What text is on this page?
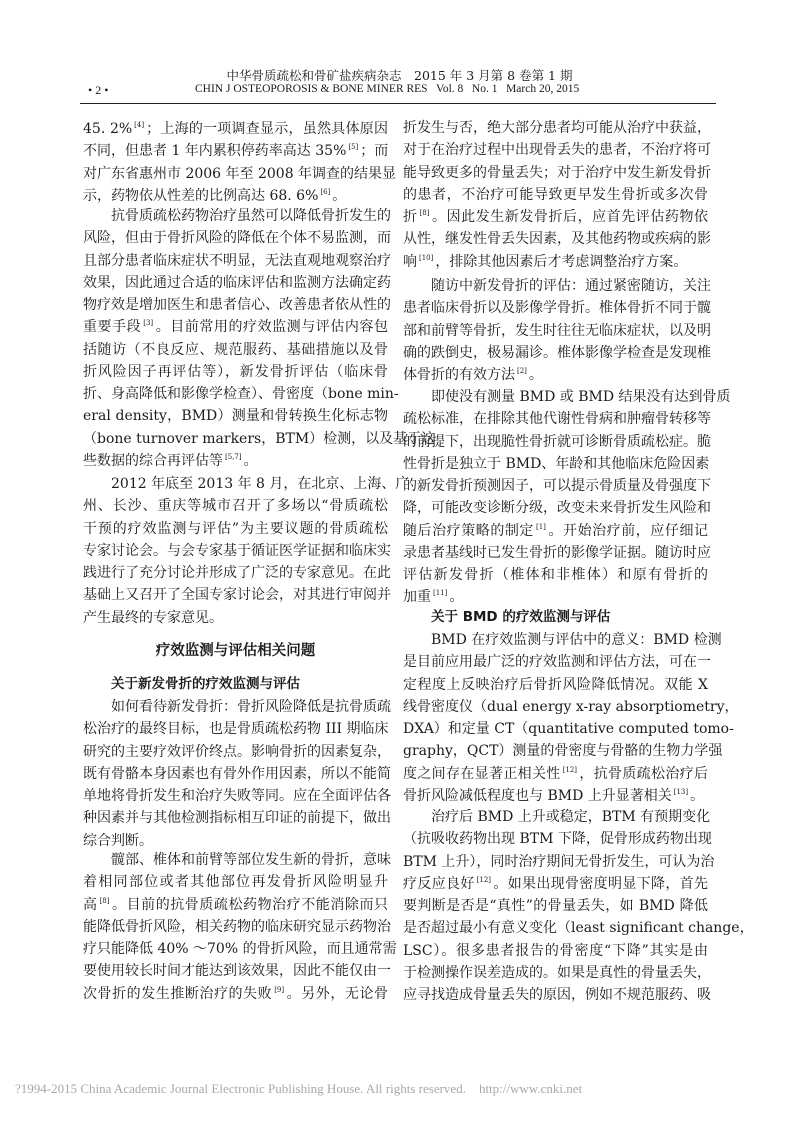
• 2 •
中华骨质疏松和骨矿盐疾病杂志　2015 年 3 月第 8 卷第 1 期
CHIN J OSTEOPOROSIS & BONE MINER RES   Vol. 8   No. 1   March 20, 2015
45. 2% [4] ；上海的一项调查显示，虽然具体原因
不同，但患者 1 年内累积停药率高达 35% [5] ；而
对广东省惠州市 2006 年至 2008 年调查的结果显
示，药物依从性差的比例高达 68. 6% [6] 。
抗骨质疏松药物治疗虽然可以降低骨折发生的
风险，但由于骨折风险的降低在个体不易监测，而
且部分患者临床症状不明显，无法直观地观察治疗
效果，因此通过合适的临床评估和监测方法确定药
物疗效是增加医生和患者信心、改善患者依从性的
重要手段 [3] 。目前常用的疗效监测与评估内容包
括随访（不良反应、规范服药、基础措施以及骨
折风险因子再评估等），新发骨折评估（临床骨
折、身高降低和影像学检查）、骨密度（bone min-
eral density，BMD）测量和骨转换生化标志物
（bone turnover markers，BTM）检测，以及基于这
些数据的综合再评估等 [5,7] 。
2012 年底至 2013 年 8 月，在北京、上海、广
州、长沙、重庆等城市召开了多场以“骨质疏松
干预的疗效监测与评估”为主要议题的骨质疏松
专家讨论会。与会专家基于循证医学证据和临床实
践进行了充分讨论并形成了广泛的专家意见。在此
基础上又召开了全国专家讨论会，对其进行审阅并
产生最终的专家意见。
疗效监测与评估相关问题
关于新发骨折的疗效监测与评估
如何看待新发骨折：骨折风险降低是抗骨质疏
松治疗的最终目标，也是骨质疏松药物 III 期临床
研究的主要疗效评价终点。影响骨折的因素复杂，
既有骨骼本身因素也有骨外作用因素，所以不能简
单地将骨折发生和治疗失败等同。应在全面评估各
种因素并与其他检测指标相互印证的前提下，做出
综合判断。
髋部、椎体和前臂等部位发生新的骨折，意味
着相同部位或者其他部位再发骨折风险明显升
高 [8] 。目前的抗骨质疏松药物治疗不能消除而只
能降低骨折风险，相关药物的临床研究显示药物治
疗只能降低 40% ～70% 的骨折风险，而且通常需
要使用较长时间才能达到该效果，因此不能仅由一
次骨折的发生推断治疗的失败 [9] 。另外，无论骨
折发生与否，绝大部分患者均可能从治疗中获益，
对于在治疗过程中出现骨丢失的患者，不治疗将可
能导致更多的骨量丢失；对于治疗中发生新发骨折
的患者，不治疗可能导致更早发生骨折或多次骨
折 [8] 。因此发生新发骨折后，应首先评估药物依
从性，继发性骨丢失因素，及其他药物或疾病的影
响 [10] ，排除其他因素后才考虑调整治疗方案。
随访中新发骨折的评估：通过紧密随访，关注
患者临床骨折以及影像学骨折。椎体骨折不同于髋
部和前臂等骨折，发生时往往无临床症状，以及明
确的跌倒史，极易漏诊。椎体影像学检查是发现椎
体骨折的有效方法 [2] 。
即使没有测量 BMD 或 BMD 结果没有达到骨质
疏松标准，在排除其他代谢性骨病和肿瘤骨转移等
的前提下，出现脆性骨折就可诊断骨质疏松症。脆
性骨折是独立于 BMD、年龄和其他临床危险因素
的新发骨折预测因子，可以提示骨质量及骨强度下
降，可能改变诊断分级，改变未来骨折发生风险和
随后治疗策略的制定 [1] 。开始治疗前，应仔细记
录患者基线时已发生骨折的影像学证据。随访时应
评估新发骨折（椎体和非椎体）和原有骨折的
加重 [11] 。
关于 BMD 的疗效监测与评估
BMD 在疗效监测与评估中的意义：BMD 检测
是目前应用最广泛的疗效监测和评估方法，可在一
定程度上反映治疗后骨折风险降低情况。双能 X
线骨密度仪（dual energy x-ray absorptiometry，
DXA）和定量 CT（quantitative computed tomo-
graphy，QCT）测量的骨密度与骨骼的生物力学强
度之间存在显著正相关性 [12] ，抗骨质疏松治疗后
骨折风险减低程度也与 BMD 上升显著相关 [13] 。
治疗后 BMD 上升或稳定，BTM 有预期变化
（抗吸收药物出现 BTM 下降，促骨形成药物出现
BTM 上升），同时治疗期间无骨折发生，可认为治
疗反应良好 [12] 。如果出现骨密度明显下降，首先
要判断是否是“真性”的骨量丢失，如 BMD 降低
是否超过最小有意义变化（least significant change，
LSC）。很多患者报告的骨密度“下降”其实是由
于检测操作误差造成的。如果是真性的骨量丢失，
应寻找造成骨量丢失的原因，例如不规范服药、吸
?1994-2015 China Academic Journal Electronic Publishing House. All rights reserved.    http://www.cnki.net
